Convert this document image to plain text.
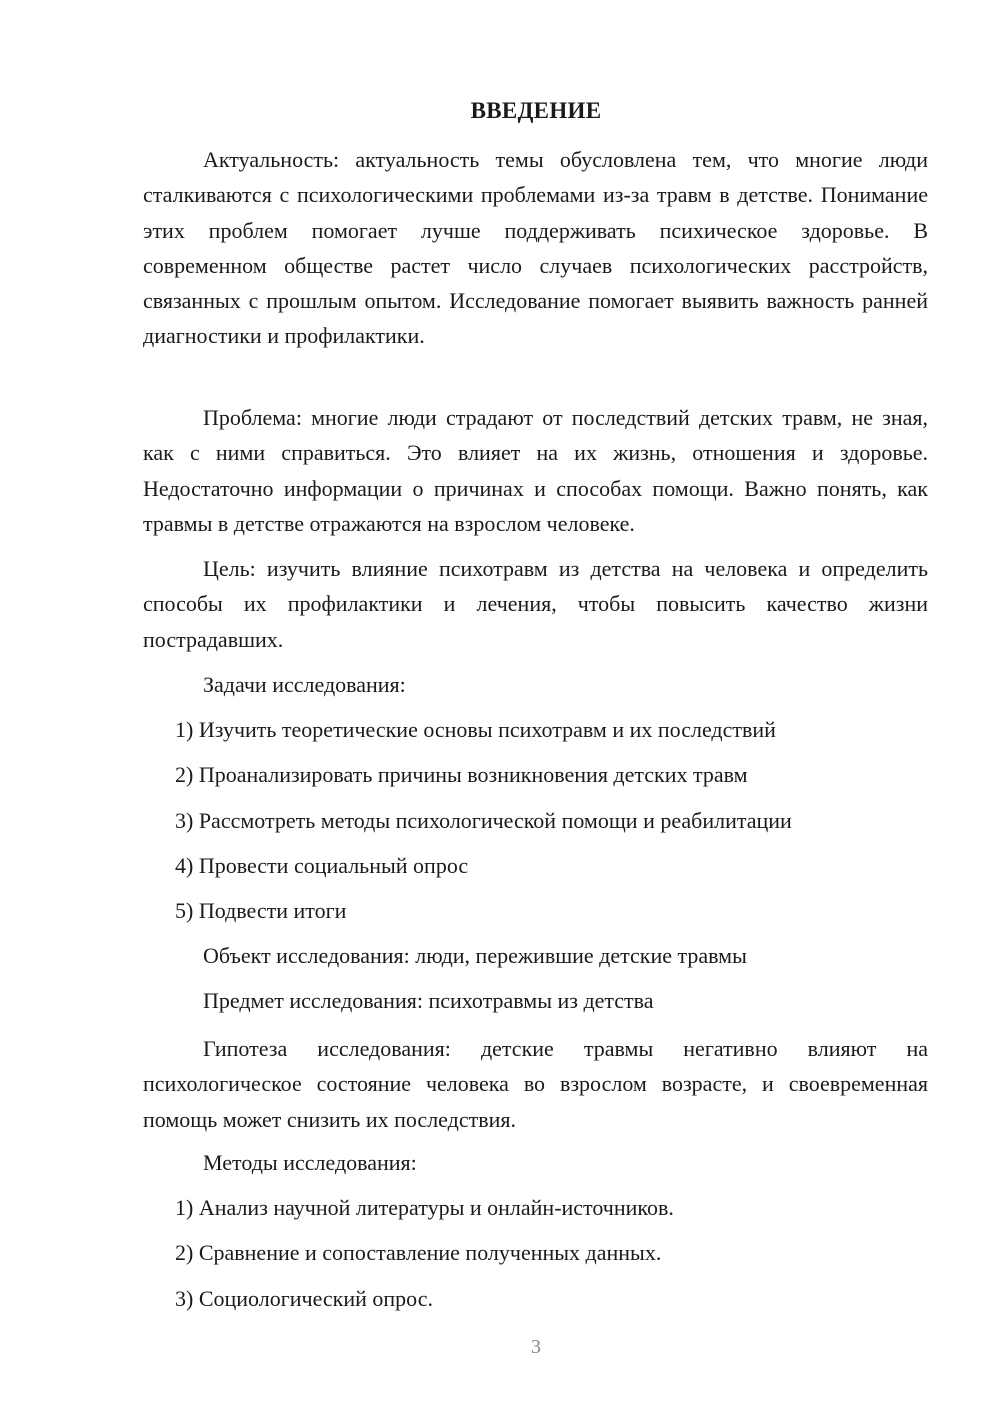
ВВЕДЕНИЕ

Актуальность: актуальность темы обусловлена тем, что многие люди сталкиваются с психологическими проблемами из-за травм в детстве. Понимание этих проблем помогает лучше поддерживать психическое здоровье. В современном обществе растет число случаев психологических расстройств, связанных с прошлым опытом. Исследование помогает выявить важность ранней диагностики и профилактики.

Проблема: многие люди страдают от последствий детских травм, не зная, как с ними справиться. Это влияет на их жизнь, отношения и здоровье. Недостаточно информации о причинах и способах помощи. Важно понять, как травмы в детстве отражаются на взрослом человеке.

Цель: изучить влияние психотравм из детства на человека и определить способы их профилактики и лечения, чтобы повысить качество жизни пострадавших.

Задачи исследования:
1) Изучить теоретические основы психотравм и их последствий
2) Проанализировать причины возникновения детских травм
3) Рассмотреть методы психологической помощи и реабилитации
4) Провести социальный опрос
5) Подвести итоги
Объект исследования: люди, пережившие детские травмы
Предмет исследования: психотравмы из детства

Гипотеза исследования: детские травмы негативно влияют на психологическое состояние человека во взрослом возрасте, и своевременная помощь может снизить их последствия.

Методы исследования:
1) Анализ научной литературы и онлайн-источников.
2) Сравнение и сопоставление полученных данных.
3) Социологический опрос.
3
